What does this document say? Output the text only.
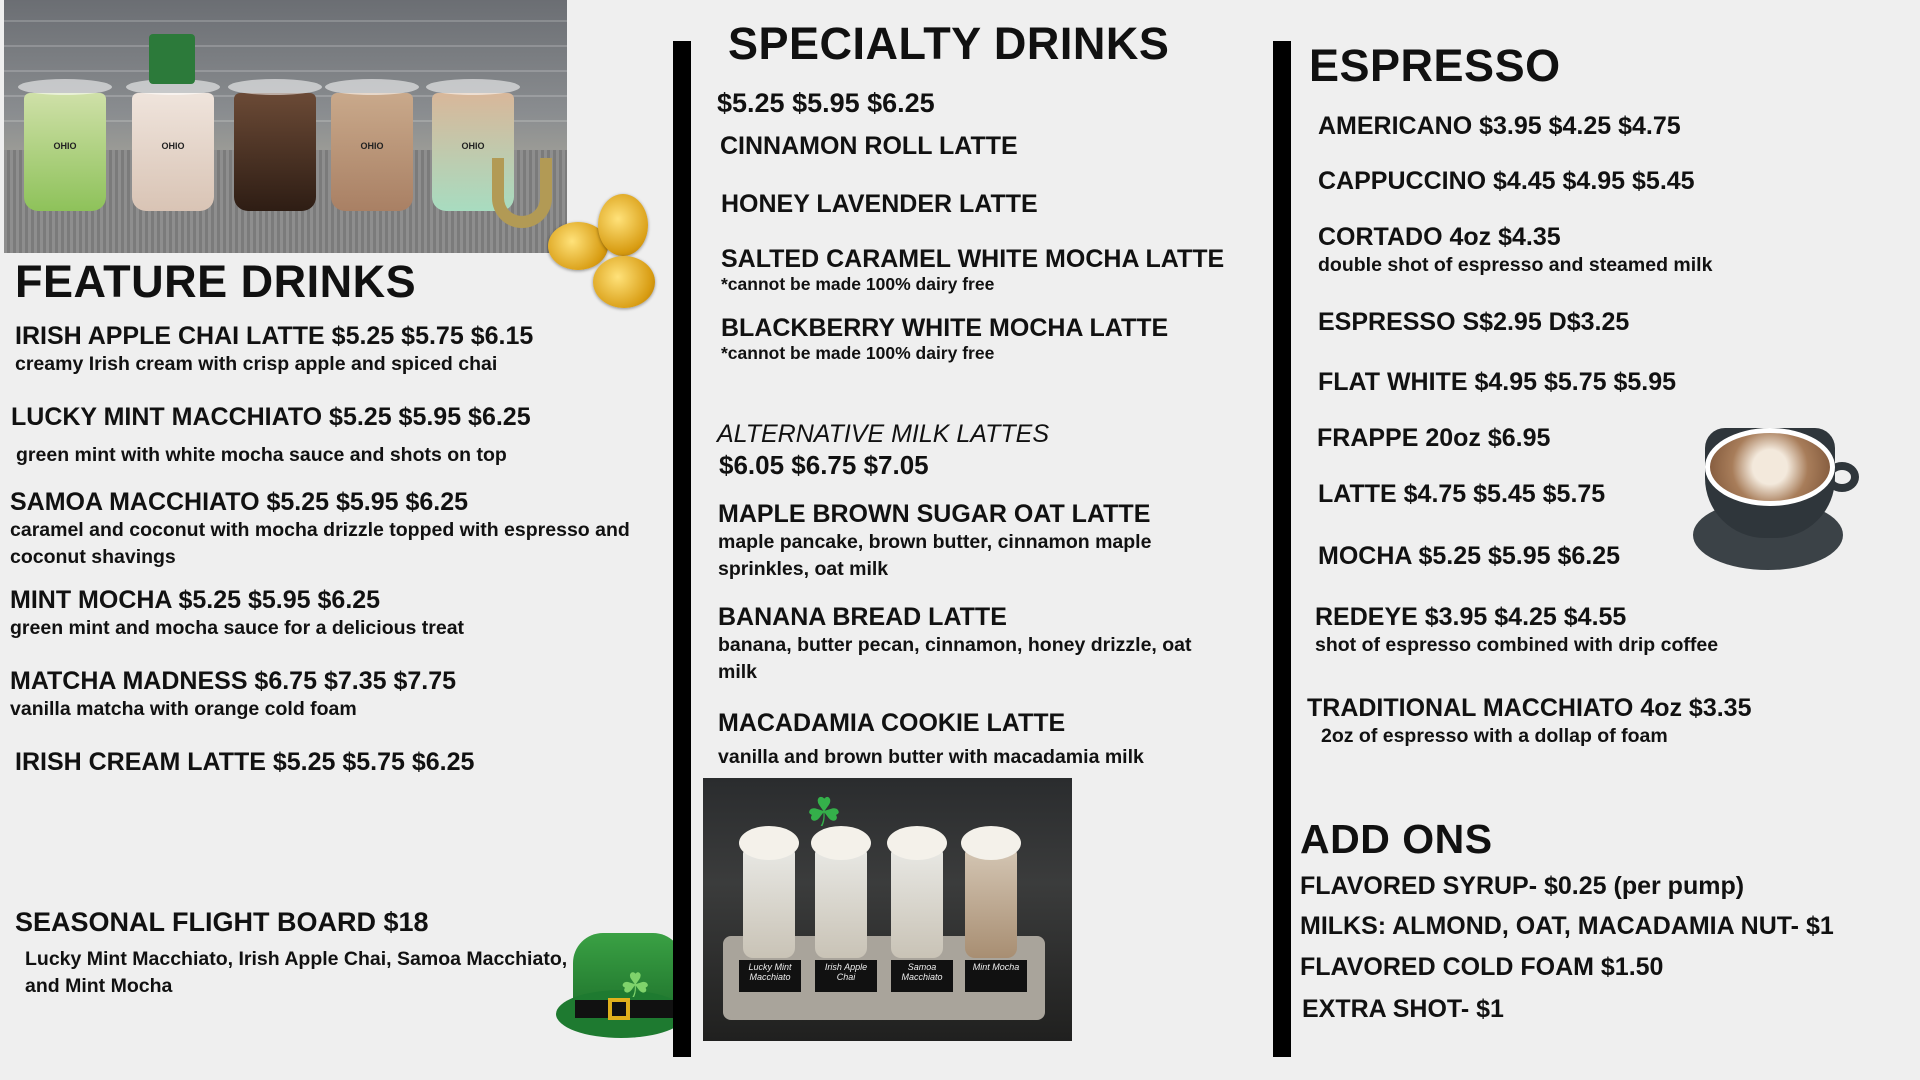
OHIO	OHIO	OHIO	OHIO
FEATURE DRINKS
IRISH APPLE CHAI LATTE $5.25 $5.75 $6.15
creamy Irish cream with crisp apple and spiced chai
LUCKY MINT MACCHIATO $5.25 $5.95 $6.25
green mint with white mocha sauce and shots on top
SAMOA MACCHIATO $5.25 $5.95 $6.25
caramel and coconut with mocha drizzle topped with espresso and coconut shavings
MINT MOCHA $5.25 $5.95 $6.25
green mint and mocha sauce for a delicious treat
MATCHA MADNESS $6.75 $7.35 $7.75
vanilla matcha with orange cold foam
IRISH CREAM LATTE $5.25 $5.75 $6.25
SEASONAL FLIGHT BOARD $18
Lucky Mint Macchiato, Irish Apple Chai, Samoa Macchiato, and Mint Mocha	☘
SPECIALTY DRINKS
$5.25 $5.95 $6.25
CINNAMON ROLL LATTE
HONEY LAVENDER LATTE
SALTED CARAMEL WHITE MOCHA LATTE
*cannot be made 100% dairy free
BLACKBERRY WHITE MOCHA LATTE
*cannot be made 100% dairy free
ALTERNATIVE MILK LATTES
$6.05 $6.75 $7.05
MAPLE BROWN SUGAR OAT LATTE
maple pancake, brown butter, cinnamon maple sprinkles, oat milk
BANANA BREAD LATTE
banana, butter pecan, cinnamon, honey drizzle, oat milk
MACADAMIA COOKIE LATTE
vanilla and brown butter with macadamia milk
☘
Lucky Mint Macchiato
Irish Apple Chai
Samoa Macchiato
Mint Mocha
ESPRESSO
AMERICANO $3.95 $4.25 $4.75
CAPPUCCINO $4.45 $4.95 $5.45
CORTADO 4oz $4.35
double shot of espresso and steamed milk
ESPRESSO S$2.95 D$3.25
FLAT WHITE $4.95 $5.75 $5.95
FRAPPE 20oz $6.95
LATTE $4.75 $5.45 $5.75
MOCHA $5.25 $5.95 $6.25
REDEYE $3.95 $4.25 $4.55
shot of espresso combined with drip coffee
TRADITIONAL MACCHIATO 4oz $3.35
2oz of espresso with a dollap of foam
ADD ONS
FLAVORED SYRUP- $0.25 (per pump)
MILKS: ALMOND, OAT, MACADAMIA NUT- $1
FLAVORED COLD FOAM $1.50
EXTRA SHOT- $1
